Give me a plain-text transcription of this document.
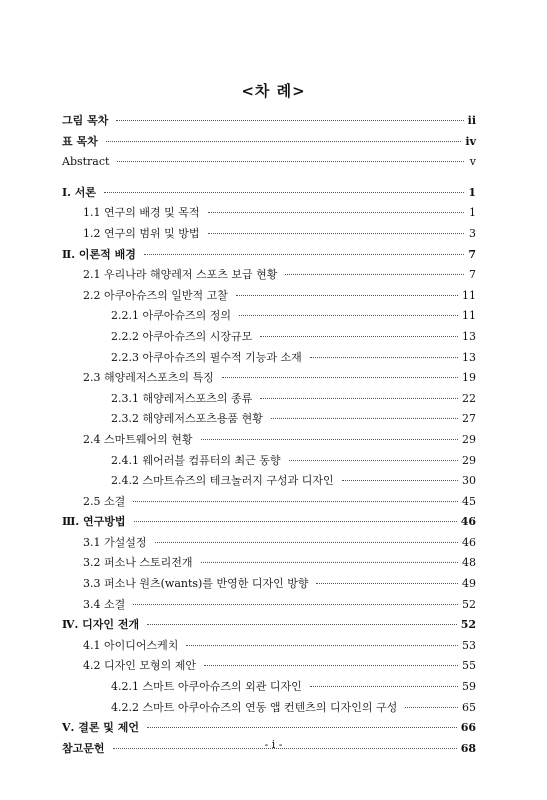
<차 례>
그림 목차	ii
표 목차	iv
Abstract	v
Ⅰ. 서론	1
1.1 연구의 배경 및 목적	1
1.2 연구의 범위 및 방법	3
Ⅱ. 이론적 배경	7
2.1 우리나라 해양레저 스포츠 보급 현황	7
2.2 아쿠아슈즈의 일반적 고찰	11
2.2.1 아쿠아슈즈의 정의	11
2.2.2 아쿠아슈즈의 시장규모	13
2.2.3 아쿠아슈즈의 필수적 기능과 소재	13
2.3 해양레저스포츠의 특징	19
2.3.1 해양레저스포츠의 종류	22
2.3.2 해양레저스포츠용품 현황	27
2.4 스마트웨어의 현황	29
2.4.1 웨어러블 컴퓨터의 최근 동향	29
2.4.2 스마트슈즈의 테크놀러지 구성과 디자인	30
2.5 소결	45
Ⅲ. 연구방법	46
3.1 가설설정	46
3.2 퍼소나 스토리전개	48
3.3 퍼소나 원츠(wants)를 반영한 디자인 방향	49
3.4 소결	52
Ⅳ. 디자인 전개	52
4.1 아이디어스케치	53
4.2 디자인 모형의 제안	55
4.2.1 스마트 아쿠아슈즈의 외관 디자인	59
4.2.2 스마트 아쿠아슈즈의 연동 앱 컨텐츠의 디자인의 구성	65
Ⅴ. 결론 및 제언	66
참고문헌	68
- i -
